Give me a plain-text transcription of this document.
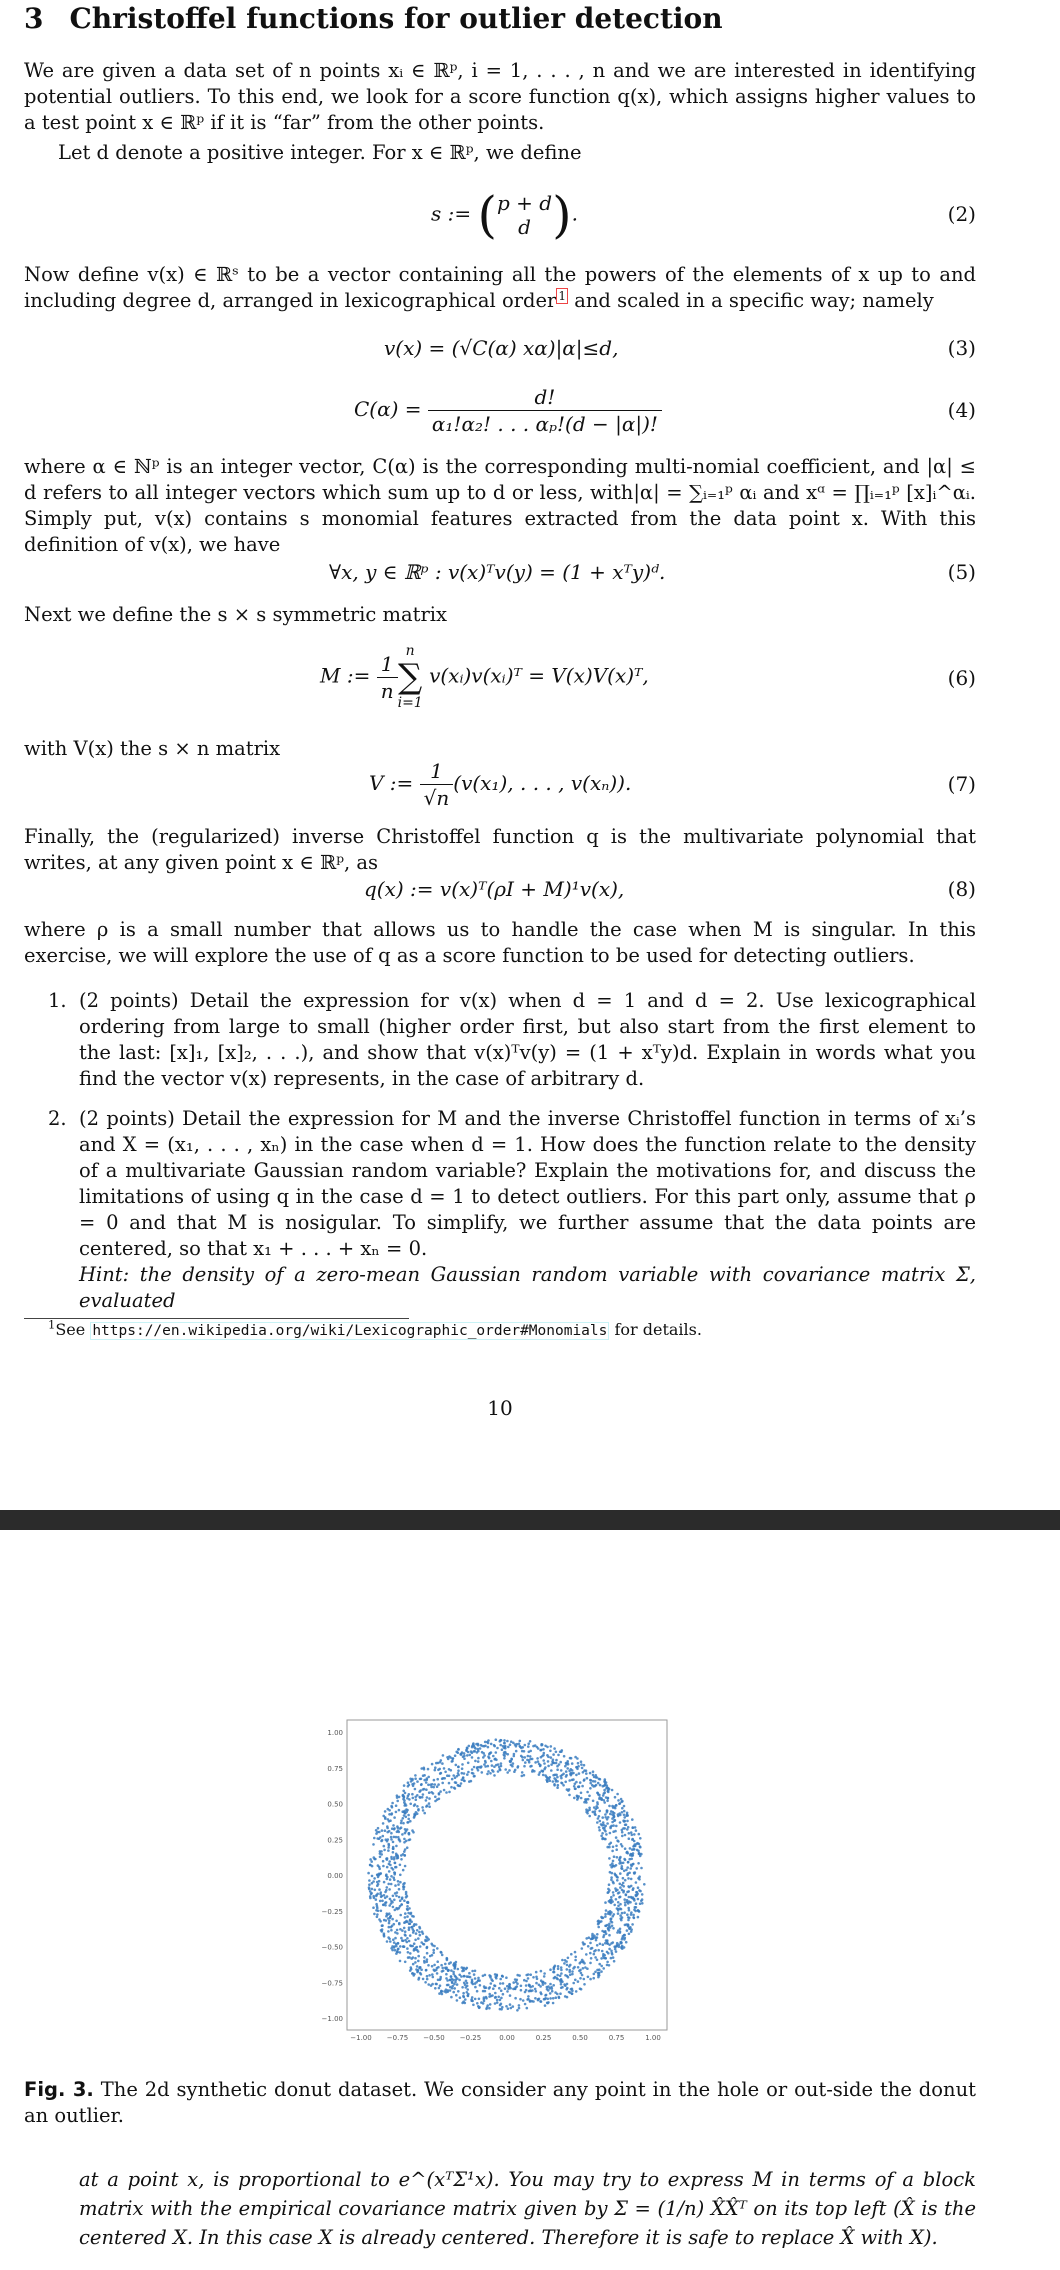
3 Christoffel functions for outlier detection

We are given a data set of n points xᵢ ∈ ℝᵖ, i = 1, . . . , n and we are interested in identifying potential outliers. To this end, we look for a score function q(x), which assigns higher values to a test point x ∈ ℝᵖ if it is “far” from the other points.

Let d denote a positive integer. For x ∈ ℝᵖ, we define

s := ( p + d
d ).	(2)

Now define v(x) ∈ ℝˢ to be a vector containing all the powers of the elements of x up to and including degree d, arranged in lexicographical order $^1$ and scaled in a specific way; namely

v(x) = (√C(α) xα)|α|≤d,	(3)
$C(\alpha) = \frac{d!}{\text{α₁!α₂! . . . αₚ!(d − |α|)!}}$	(4)

where α ∈ ℕᵖ is an integer vector, C(α) is the corresponding multi-nomial coefficient, and |α| ≤ d refers to all integer vectors which sum up to d or less, with|α| = ∑ᵢ₌₁ᵖ αᵢ and xᵅ = ∏ᵢ₌₁ᵖ [x]ᵢ^αᵢ. Simply put, v(x) contains s monomial features extracted from the data point x. With this definition of v(x), we have

∀x, y ∈ ℝᵖ : v(x)ᵀv(y) = (1 + xᵀy)ᵈ.	(5)

Next we define the s × s symmetric matrix

M := $\frac{1}{n}$ n
∑
i=1
v(xᵢ)v(xᵢ)ᵀ = V(x)V(x)ᵀ,	(6)

with V(x) the s × n matrix

V := $\frac{1}{√n} (v(x_1)$, . . . , v(xₙ)).	(7)

Finally, the (regularized) inverse Christoffel function q is the multivariate polynomial that writes, at any given point x ∈ ℝᵖ, as

q(x) := v(x)ᵀ(ρI + M)¹v(x),	(8)

where ρ is a small number that allows us to handle the case when M is singular. In this exercise, we will explore the use of q as a score function to be used for detecting outliers.

1. (2 points) Detail the expression for v(x) when d = 1 and d = 2. Use lexicographical ordering from large to small (higher order first, but also start from the first element to the last: [x]₁, [x]₂, . . .), and show that v(x)ᵀv(y) = (1 + xᵀy)d. Explain in words what you find the vector v(x) represents, in the case of arbitrary d.
2. (2 points) Detail the expression for M and the inverse Christoffel function in terms of xᵢ’s and X = (x₁, . . . , xₙ) in the case when d = 1. How does the function relate to the density of a multivariate Gaussian random variable? Explain the motivations for, and discuss the limitations of using q in the case d = 1 to detect outliers. For this part only, assume that ρ = 0 and that M is nosigular. To simplify, we further assume that the data points are centered, so that x₁ + . . . + xₙ = 0.
Hint: the density of a zero-mean Gaussian random variable with covariance matrix Σ, evaluated
$^1$See https://en.wikipedia.org/wiki/Lexicographic_order#Monomials for details.
10
1.00
0.75
0.50
0.25
0.00
−0.25
−0.50
−0.75
−1.00
−1.00 −0.75 −0.50 −0.25	0.00	0.25	0.50	0.75	1.00

Fig. 3. The 2d synthetic donut dataset. We consider any point in the hole or out-side the donut an outlier.

at a point x, is proportional to e^(xᵀΣ¹x). You may try to express M in terms of a block matrix with the empirical covariance matrix given by Σ = (1/n) X̂X̂ᵀ on its top left (X̂ is the centered X. In this case X is already centered. Therefore it is safe to replace X̂ with X).
